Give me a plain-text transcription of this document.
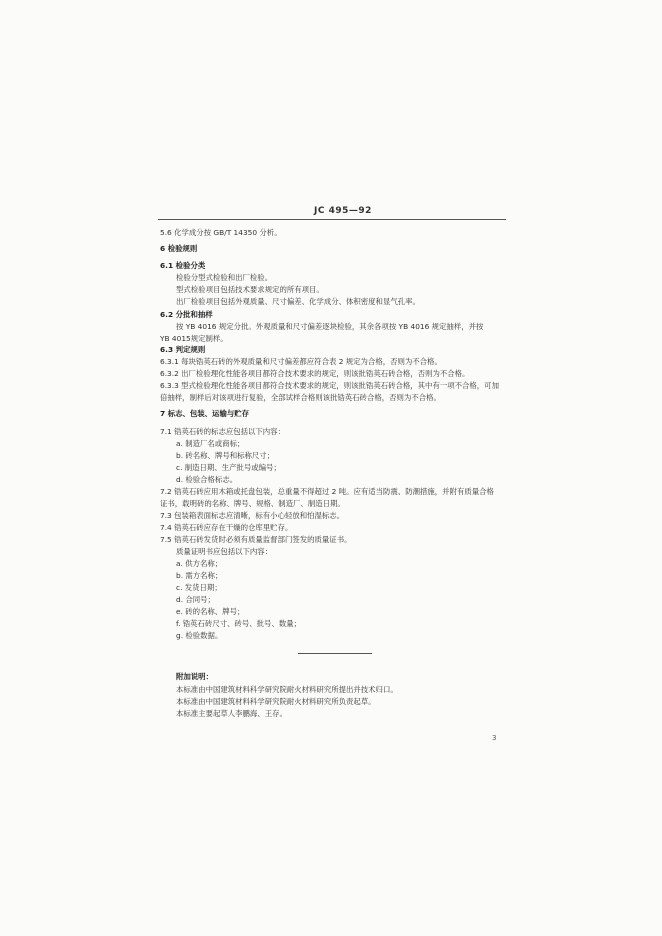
JC 495—92
5.6 化学成分按 GB/T 14350 分析。
6 检验规则
6.1 检验分类
检验分型式检验和出厂检验。
型式检验项目包括技术要求规定的所有项目。
出厂检验项目包括外观质量、尺寸偏差、化学成分、体积密度和显气孔率。
6.2 分批和抽样
按 YB 4016 规定分批。外观质量和尺寸偏差逐块检验，其余各项按 YB 4016 规定抽样，并按
YB 4015规定制样。
6.3 判定规则
6.3.1 每块锆英石砖的外观质量和尺寸偏差都应符合表 2 规定为合格，否则为不合格。
6.3.2 出厂检验理化性能各项目都符合技术要求的规定，则该批锆英石砖合格，否则为不合格。
6.3.3 型式检验理化性能各项目都符合技术要求的规定，则该批锆英石砖合格，其中有一项不合格，可加
倍抽样，制样后对该项进行复验，全部试样合格则该批锆英石砖合格，否则为不合格。
7 标志、包装、运输与贮存
7.1 锆英石砖的标志应包括以下内容：
a. 制造厂名或商标；
b. 砖名称、牌号和标称尺寸；
c. 制造日期、生产批号或编号；
d. 检验合格标志。
7.2 锆英石砖应用木箱或托盘包装，总重量不得超过 2 吨。应有适当防震、防潮措施，并附有质量合格
证书，载明砖的名称、牌号、规格、制造厂、制造日期。
7.3 包装箱表面标志应清晰，标有小心轻放和怕湿标志。
7.4 锆英石砖应存在干燥的仓库里贮存。
7.5 锆英石砖发货时必须有质量监督部门签发的质量证书。
质量证明书应包括以下内容：
a. 供方名称；
b. 需方名称；
c. 发货日期；
d. 合同号；
e. 砖的名称、牌号；
f. 锆英石砖尺寸、砖号、批号、数量；
g. 检验数据。
附加说明：
本标准由中国建筑材料科学研究院耐火材料研究所提出并技术归口。
本标准由中国建筑材料科学研究院耐火材料研究所负责起草。
本标准主要起草人李鹏海、王存。
3
